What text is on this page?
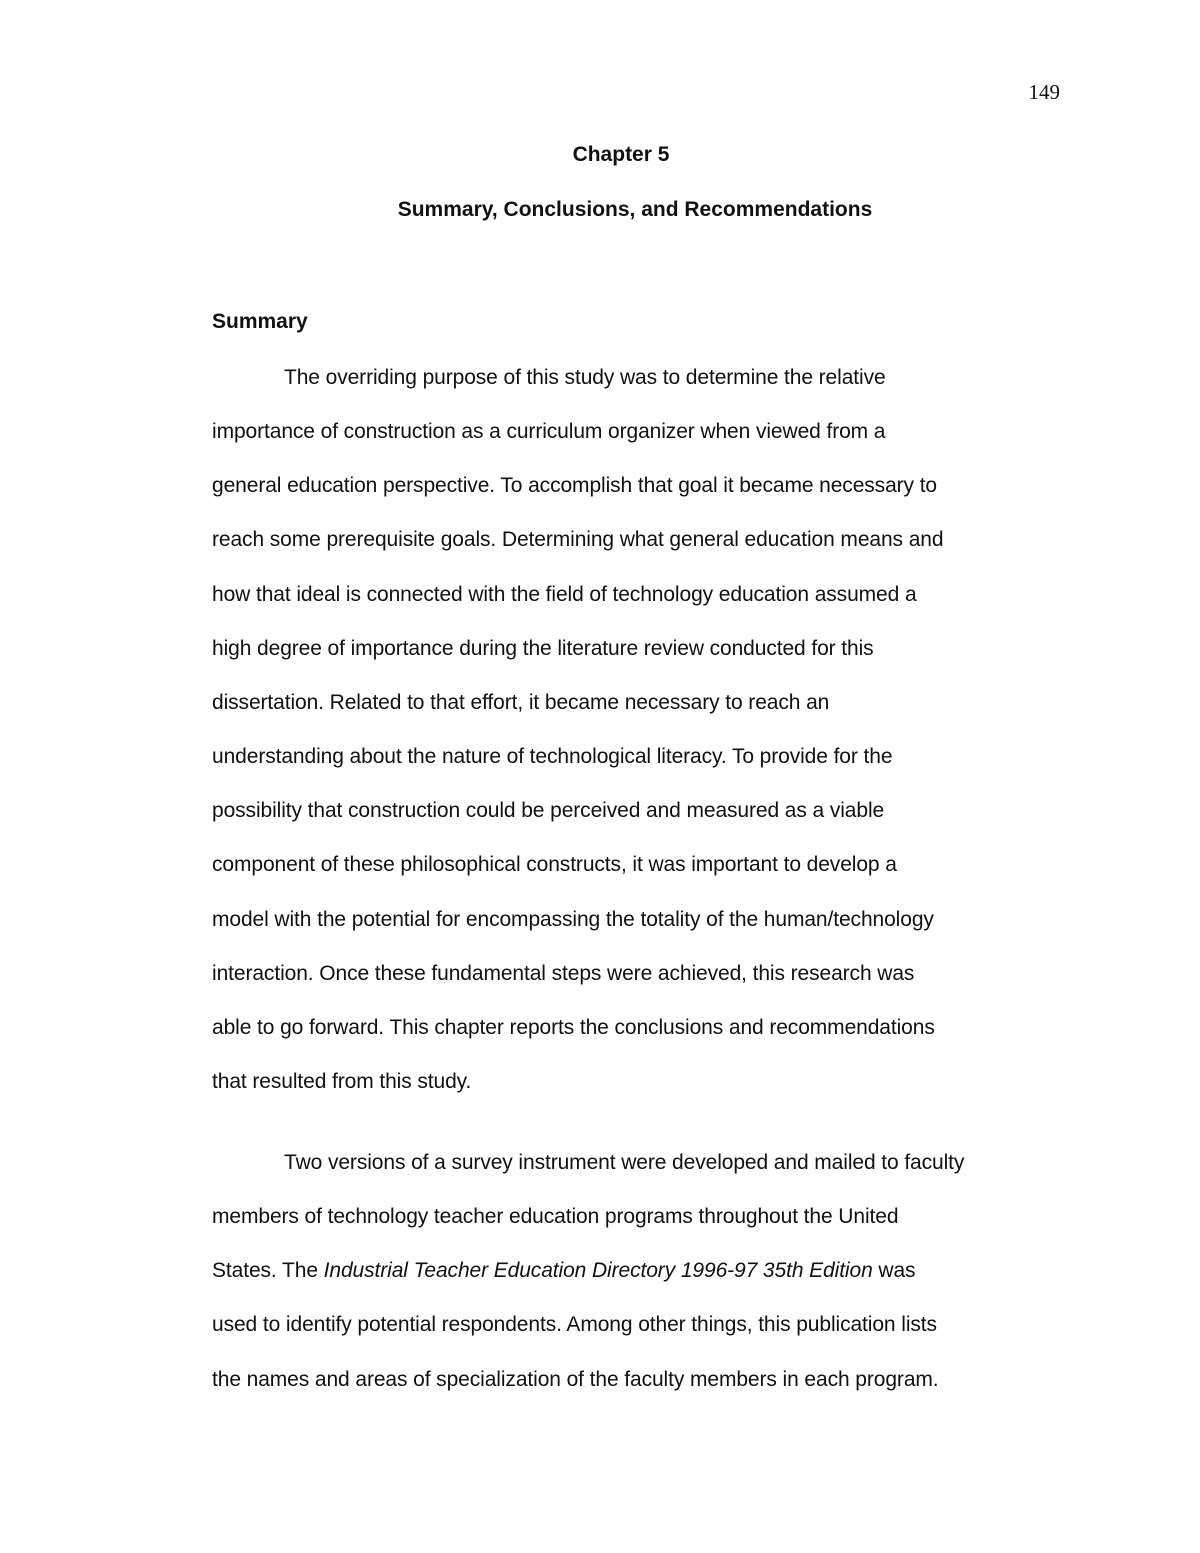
149
Chapter 5
Summary, Conclusions, and Recommendations
Summary
The overriding purpose of this study was to determine the relative
importance of construction as a curriculum organizer when viewed from a
general education perspective. To accomplish that goal it became necessary to
reach some prerequisite goals. Determining what general education means and
how that ideal is connected with the field of technology education assumed a
high degree of importance during the literature review conducted for this
dissertation. Related to that effort, it became necessary to reach an
understanding about the nature of technological literacy. To provide for the
possibility that construction could be perceived and measured as a viable
component of these philosophical constructs, it was important to develop a
model with the potential for encompassing the totality of the human/technology
interaction. Once these fundamental steps were achieved, this research was
able to go forward. This chapter reports the conclusions and recommendations
that resulted from this study.
Two versions of a survey instrument were developed and mailed to faculty
members of technology teacher education programs throughout the United
States. The Industrial Teacher Education Directory 1996-97 35th Edition was
used to identify potential respondents. Among other things, this publication lists
the names and areas of specialization of the faculty members in each program.
